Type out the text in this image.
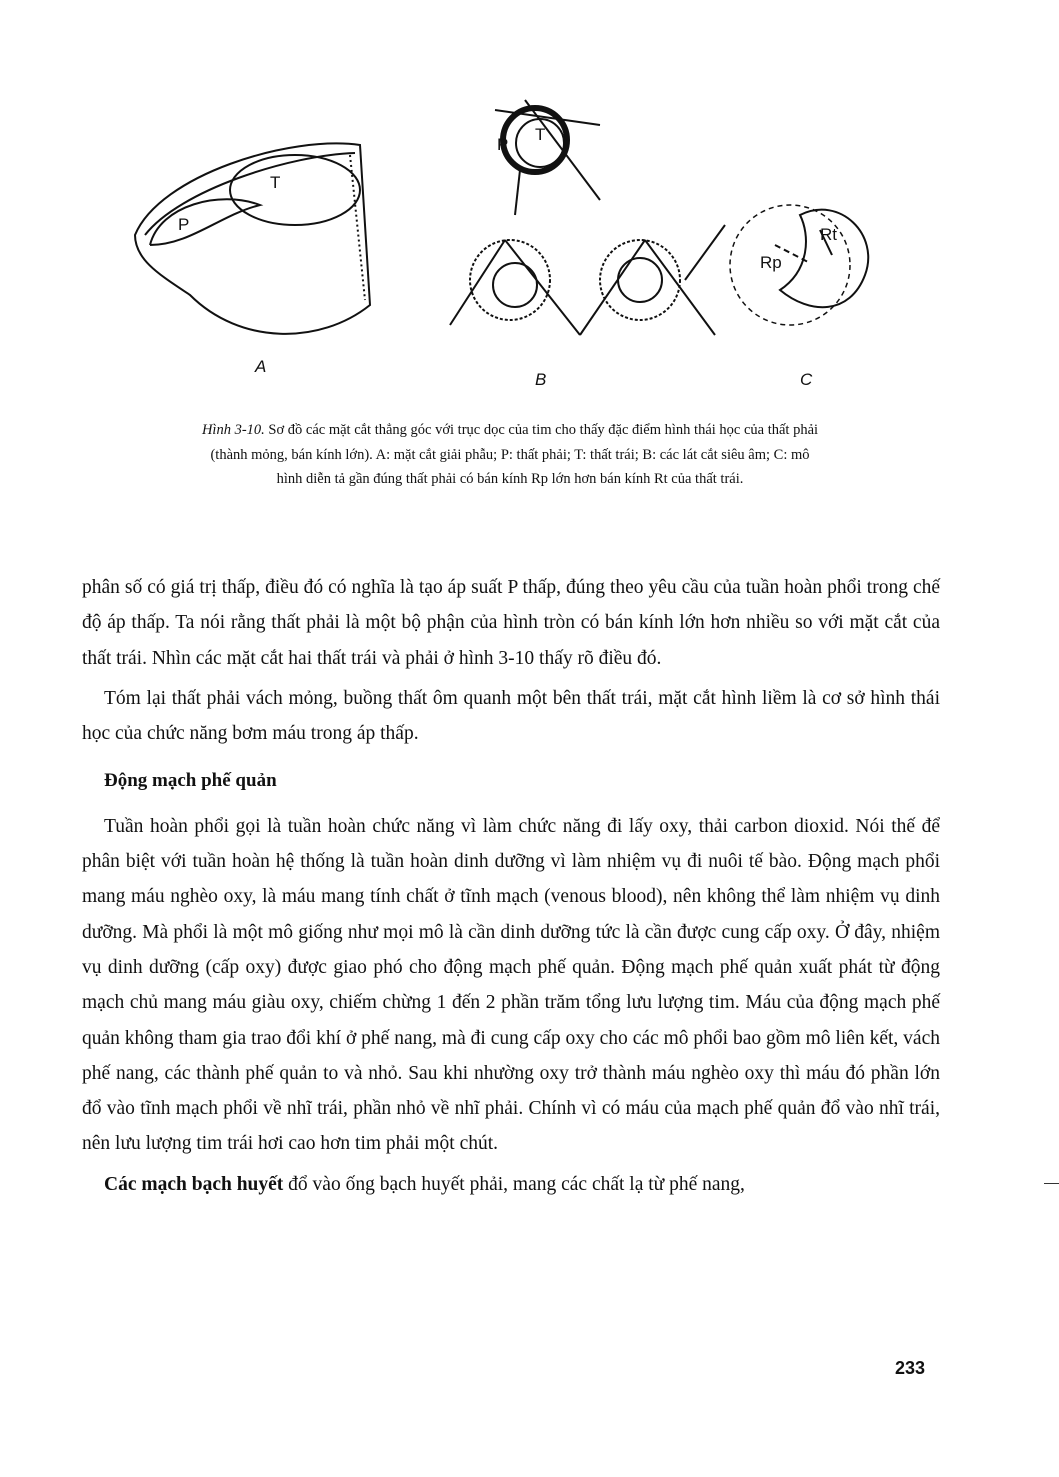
A
B	C
P
T
P
T
Rt
Rp
Hình 3-10. Sơ đồ các mặt cắt thẳng góc với trục dọc của tim cho thấy đặc điểm hình thái học của thất phải (thành mỏng, bán kính lớn). A: mặt cắt giải phẫu; P: thất phải; T: thất trái; B: các lát cắt siêu âm; C: mô hình diễn tả gần đúng thất phải có bán kính Rp lớn hơn bán kính Rt của thất trái.

phân số có giá trị thấp, điều đó có nghĩa là tạo áp suất P thấp, đúng theo yêu cầu của tuần hoàn phổi trong chế độ áp thấp. Ta nói rằng thất phải là một bộ phận của hình tròn có bán kính lớn hơn nhiều so với mặt cắt của thất trái. Nhìn các mặt cắt hai thất trái và phải ở hình 3-10 thấy rõ điều đó.

Tóm lại thất phải vách mỏng, buồng thất ôm quanh một bên thất trái, mặt cắt hình liềm là cơ sở hình thái học của chức năng bơm máu trong áp thấp.

Động mạch phế quản

Tuần hoàn phổi gọi là tuần hoàn chức năng vì làm chức năng đi lấy oxy, thải carbon dioxid. Nói thế để phân biệt với tuần hoàn hệ thống là tuần hoàn dinh dưỡng vì làm nhiệm vụ đi nuôi tế bào. Động mạch phổi mang máu nghèo oxy, là máu mang tính chất ở tĩnh mạch (venous blood), nên không thể làm nhiệm vụ dinh dưỡng. Mà phổi là một mô giống như mọi mô là cần dinh dưỡng tức là cần được cung cấp oxy. Ở đây, nhiệm vụ dinh dưỡng (cấp oxy) được giao phó cho động mạch phế quản. Động mạch phế quản xuất phát từ động mạch chủ mang máu giàu oxy, chiếm chừng 1 đến 2 phần trăm tổng lưu lượng tim. Máu của động mạch phế quản không tham gia trao đổi khí ở phế nang, mà đi cung cấp oxy cho các mô phổi bao gồm mô liên kết, vách phế nang, các thành phế quản to và nhỏ. Sau khi nhường oxy trở thành máu nghèo oxy thì máu đó phần lớn đổ vào tĩnh mạch phổi về nhĩ trái, phần nhỏ về nhĩ phải. Chính vì có máu của mạch phế quản đổ vào nhĩ trái, nên lưu lượng tim trái hơi cao hơn tim phải một chút.

Các mạch bạch huyết đổ vào ống bạch huyết phải, mang các chất lạ từ phế nang,

233
